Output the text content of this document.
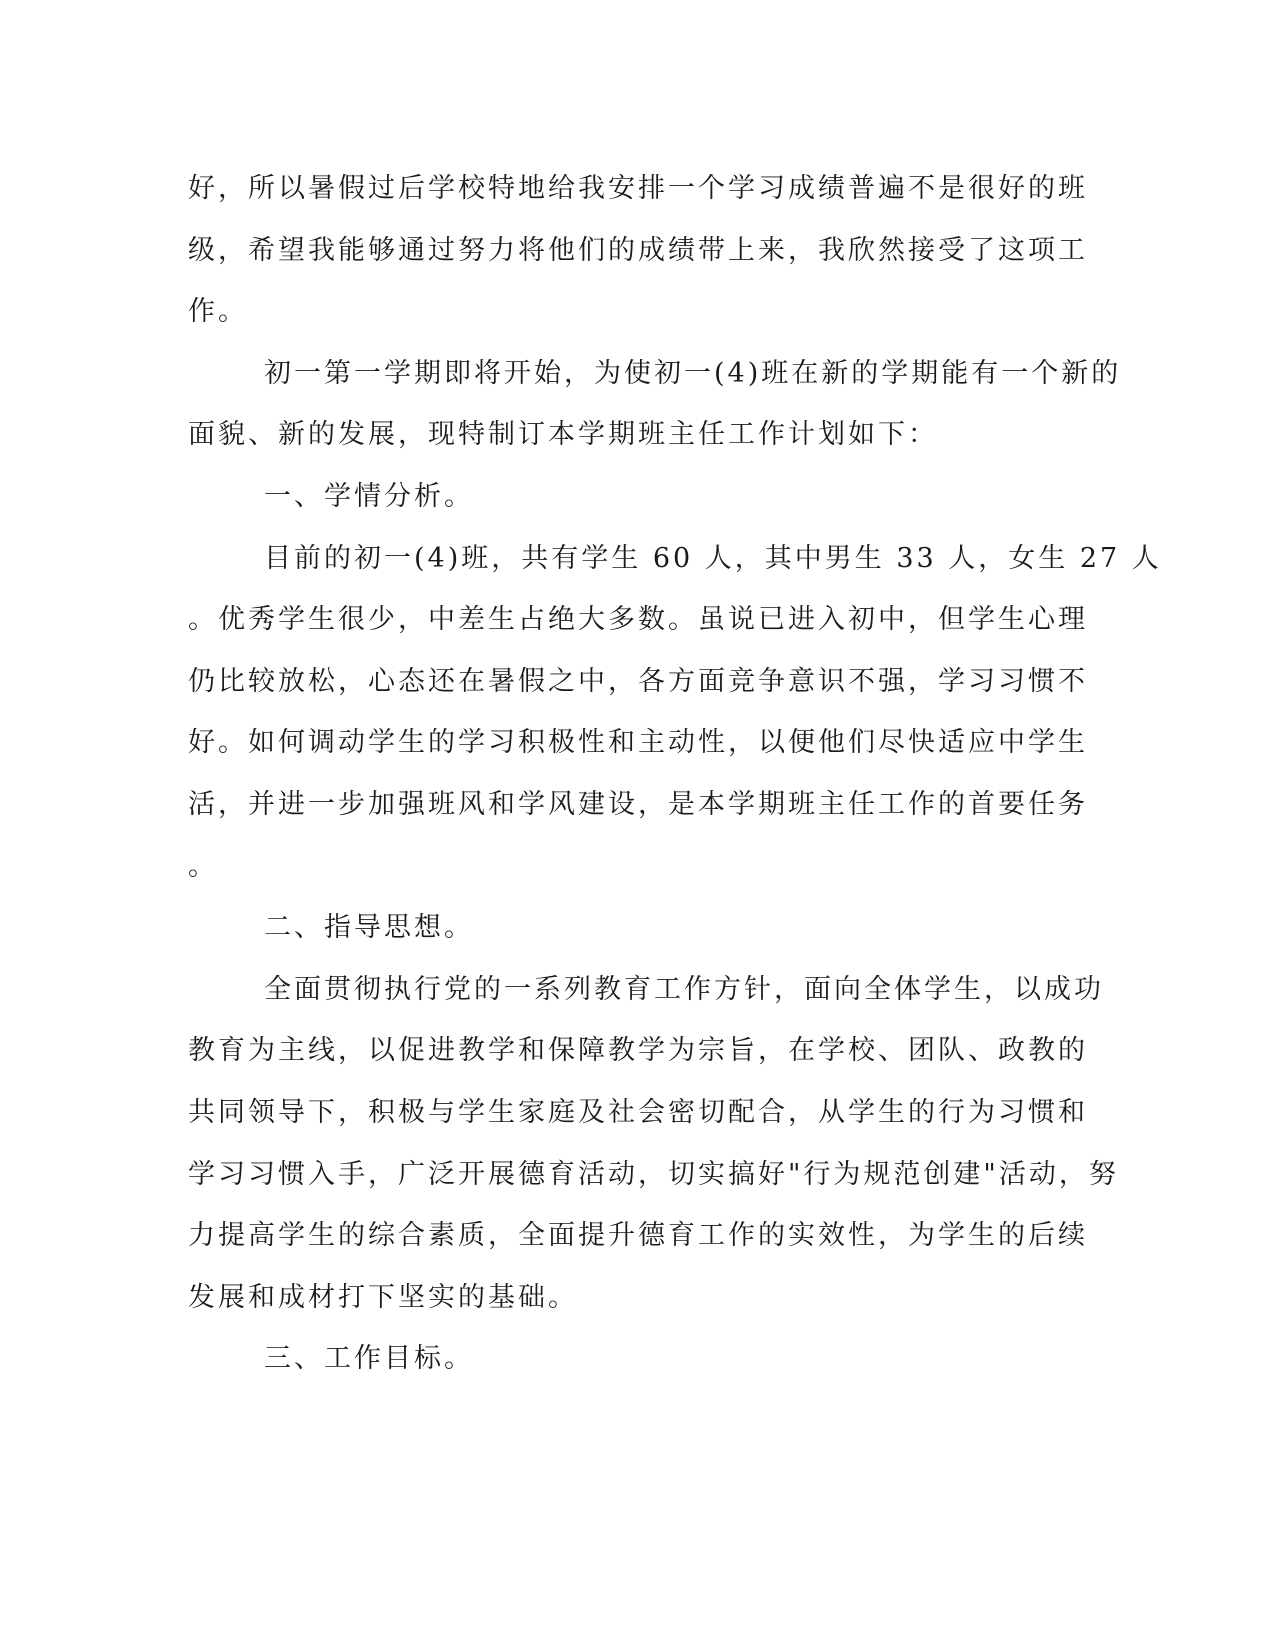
好，所以暑假过后学校特地给我安排一个学习成绩普遍不是很好的班
级，希望我能够通过努力将他们的成绩带上来，我欣然接受了这项工
作。
初一第一学期即将开始，为使初一(4)班在新的学期能有一个新的
面貌、新的发展，现特制订本学期班主任工作计划如下：
一、学情分析。
目前的初一(4)班，共有学生 60 人，其中男生 33 人，女生 27 人
。优秀学生很少，中差生占绝大多数。虽说已进入初中，但学生心理
仍比较放松，心态还在暑假之中，各方面竞争意识不强，学习习惯不
好。如何调动学生的学习积极性和主动性，以便他们尽快适应中学生
活，并进一步加强班风和学风建设，是本学期班主任工作的首要任务
。
二、指导思想。
全面贯彻执行党的一系列教育工作方针，面向全体学生，以成功
教育为主线，以促进教学和保障教学为宗旨，在学校、团队、政教的
共同领导下，积极与学生家庭及社会密切配合，从学生的行为习惯和
学习习惯入手，广泛开展德育活动，切实搞好"行为规范创建"活动，努
力提高学生的综合素质，全面提升德育工作的实效性，为学生的后续
发展和成材打下坚实的基础。
三、工作目标。
